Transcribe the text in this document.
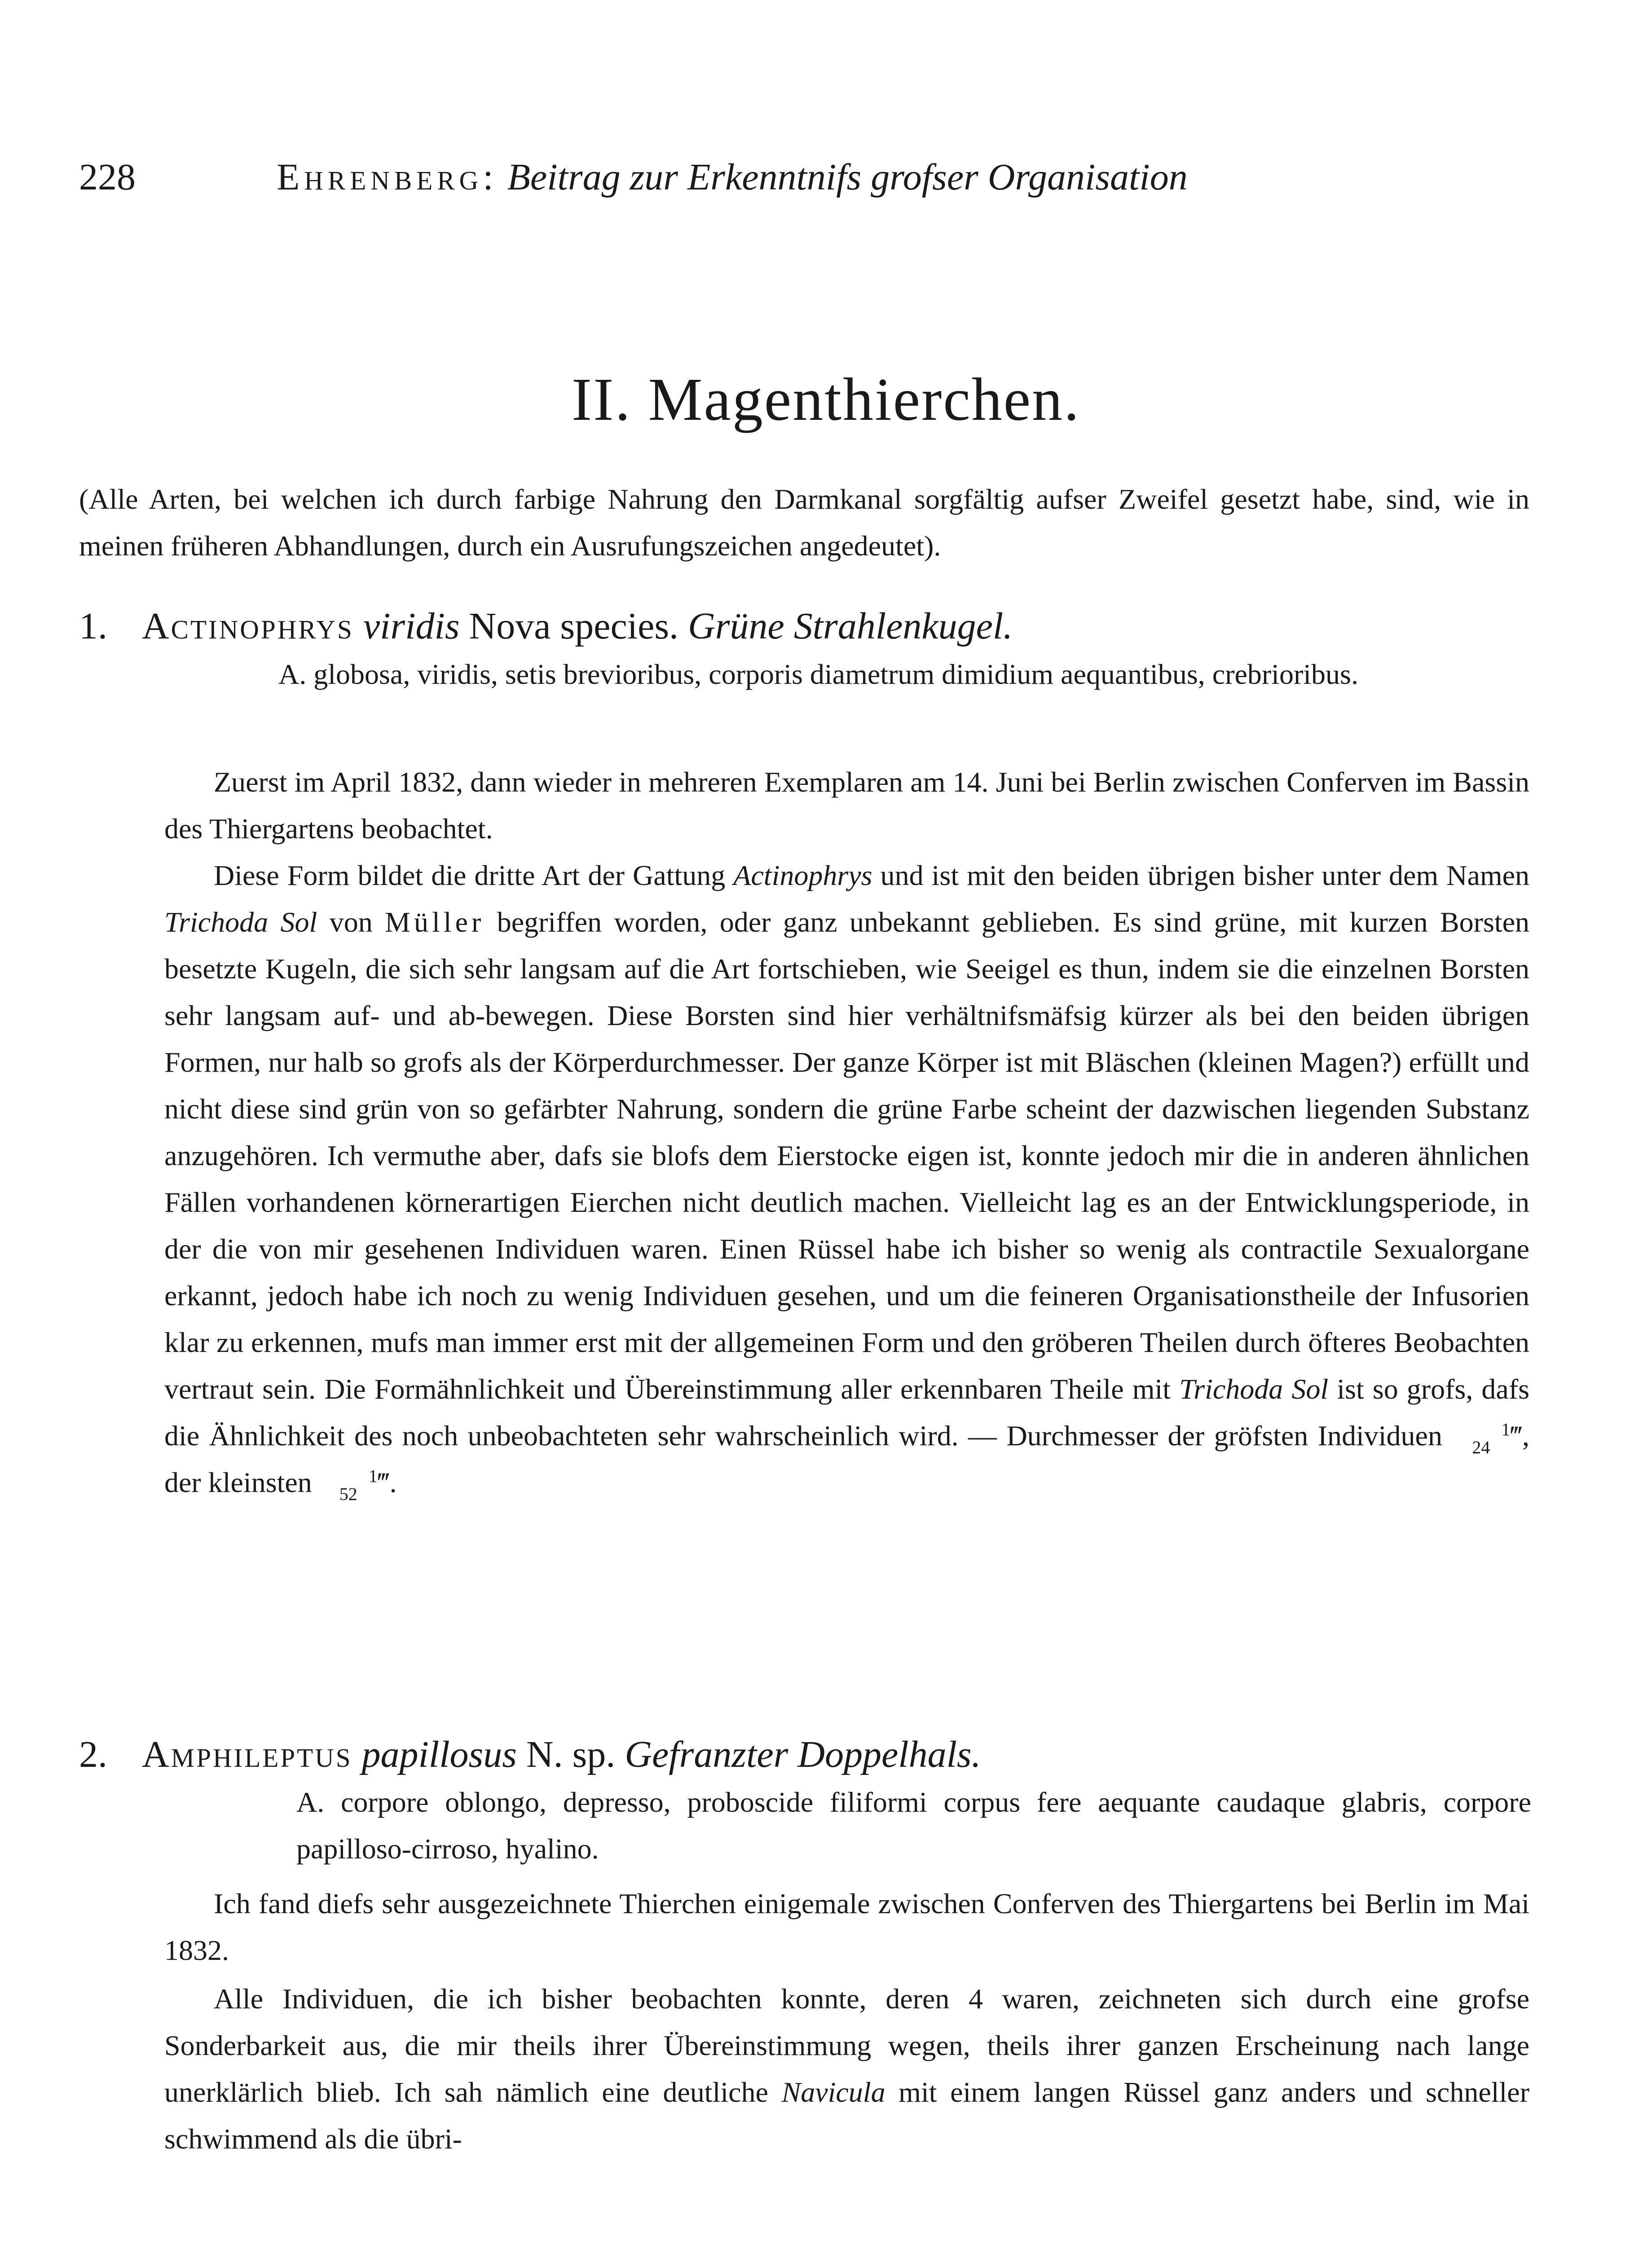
228	Ehrenberg: Beitrag zur Erkenntnifs grofser Organisation
II. Magenthierchen.
(Alle Arten, bei welchen ich durch farbige Nahrung den Darmkanal sorgfältig aufser Zweifel gesetzt habe, sind, wie in meinen früheren Abhandlungen, durch ein Ausrufungszeichen angedeutet).
1. Actinophrys viridis Nova species. Grüne Strahlenkugel.
A. globosa, viridis, setis brevioribus, corporis diametrum dimidium aequantibus, crebrioribus.
Zuerst im April 1832, dann wieder in mehreren Exemplaren am 14. Juni bei Berlin zwischen Conferven im Bassin des Thiergartens beobachtet.
Diese Form bildet die dritte Art der Gattung Actinophrys und ist mit den beiden übrigen bisher unter dem Namen Trichoda Sol von Müller begriffen worden, oder ganz unbekannt geblieben. Es sind grüne, mit kurzen Borsten besetzte Kugeln, die sich sehr langsam auf die Art fortschieben, wie Seeigel es thun, indem sie die einzelnen Borsten sehr langsam auf- und ab-bewegen. Diese Borsten sind hier verhältnifsmäfsig kürzer als bei den beiden übrigen Formen, nur halb so grofs als der Körperdurchmesser. Der ganze Körper ist mit Bläschen (kleinen Magen?) erfüllt und nicht diese sind grün von so gefärbter Nahrung, sondern die grüne Farbe scheint der dazwischen liegenden Substanz anzugehören. Ich vermuthe aber, dafs sie blofs dem Eierstocke eigen ist, konnte jedoch mir die in anderen ähnlichen Fällen vorhandenen körnerartigen Eierchen nicht deutlich machen. Vielleicht lag es an der Entwicklungsperiode, in der die von mir gesehenen Individuen waren. Einen Rüssel habe ich bisher so wenig als contractile Sexualorgane erkannt, jedoch habe ich noch zu wenig Individuen gesehen, und um die feineren Organisationstheile der Infusorien klar zu erkennen, mufs man immer erst mit der allgemeinen Form und den gröberen Theilen durch öfteres Beobachten vertraut sein. Die Formähnlichkeit und Übereinstimmung aller erkennbaren Theile mit Trichoda Sol ist so grofs, dafs die Ähnlichkeit des noch unbeobachteten sehr wahrscheinlich wird. — Durchmesser der gröfsten Individuen	1
24 ‴, der kleinsten	1
52 ‴.
2. Amphileptus papillosus N. sp. Gefranzter Doppelhals.
A. corpore oblongo, depresso, proboscide filiformi corpus fere aequante caudaque glabris, corpore papilloso-cirroso, hyalino.
Ich fand diefs sehr ausgezeichnete Thierchen einigemale zwischen Conferven des Thiergartens bei Berlin im Mai 1832.
Alle Individuen, die ich bisher beobachten konnte, deren 4 waren, zeichneten sich durch eine grofse Sonderbarkeit aus, die mir theils ihrer Übereinstimmung wegen, theils ihrer ganzen Erscheinung nach lange unerklärlich blieb. Ich sah nämlich eine deutliche Navicula mit einem langen Rüssel ganz anders und schneller schwimmend als die übri-
